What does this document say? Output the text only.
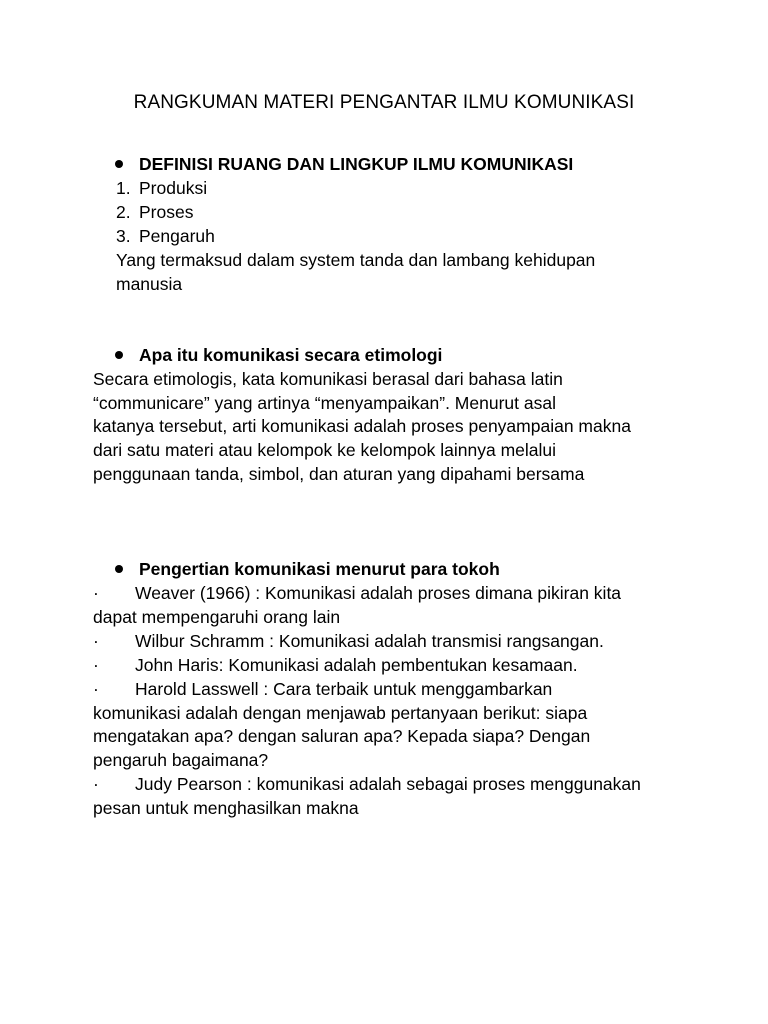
RANGKUMAN MATERI PENGANTAR ILMU KOMUNIKASI
DEFINISI RUANG DAN LINGKUP ILMU KOMUNIKASI
1. Produksi
2. Proses
3. Pengaruh
Yang termaksud dalam system tanda dan lambang kehidupan
manusia
Apa itu komunikasi secara etimologi
Secara etimologis, kata komunikasi berasal dari bahasa latin
“communicare” yang artinya “menyampaikan”. Menurut asal
katanya tersebut, arti komunikasi adalah proses penyampaian makna
dari satu materi atau kelompok ke kelompok lainnya melalui
penggunaan tanda, simbol, dan aturan yang dipahami bersama
Pengertian komunikasi menurut para tokoh
· Weaver (1966) : Komunikasi adalah proses dimana pikiran kita
dapat mempengaruhi orang lain
· Wilbur Schramm : Komunikasi adalah transmisi rangsangan.
· John Haris: Komunikasi adalah pembentukan kesamaan.
· Harold Lasswell : Cara terbaik untuk menggambarkan
komunikasi adalah dengan menjawab pertanyaan berikut: siapa
mengatakan apa? dengan saluran apa? Kepada siapa? Dengan
pengaruh bagaimana?
· Judy Pearson : komunikasi adalah sebagai proses menggunakan
pesan untuk menghasilkan makna
